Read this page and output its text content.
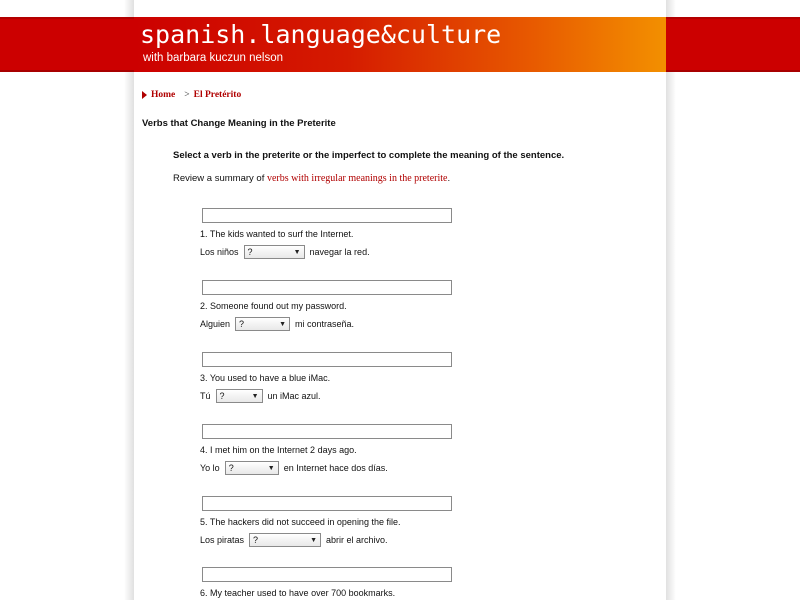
Home > El Pretérito
Verbs that Change Meaning in the Preterite
Select a verb in the preterite or the imperfect to complete the meaning of the sentence.
Review a summary of verbs with irregular meanings in the preterite.
1. The kids wanted to surf the Internet.
Los niños ?	▼ navegar la red.
2. Someone found out my password.
Alguien ?	▼ mi contraseña.
3. You used to have a blue iMac.
Tú ?	▼ un iMac azul.
4. I met him on the Internet 2 days ago.
Yo lo ?	▼ en Internet hace dos días.
5. The hackers did not succeed in opening the file.
Los piratas ?	▼ abrir el archivo.
6. My teacher used to have over 700 bookmarks.
spanish.language&culture
with barbara kuczun nelson
